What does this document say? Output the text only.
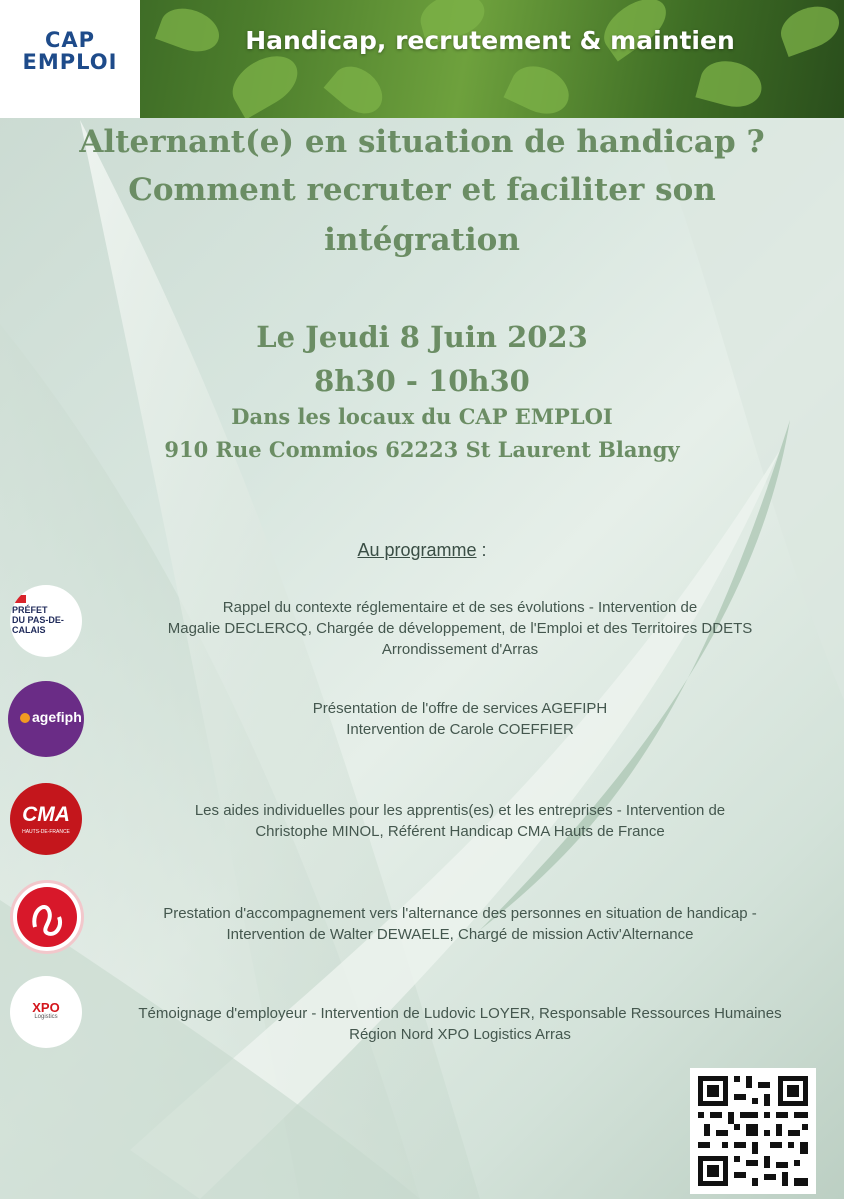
CAP
EMPLOI
Handicap, recrutement & maintien
Alternant(e) en situation de handicap ?
Comment recruter et faciliter son
intégration
Le Jeudi 8 Juin 2023
8h30 - 10h30
Dans les locaux du CAP EMPLOI
910 Rue Commios 62223 St Laurent Blangy
Au programme :
Rappel du contexte réglementaire et de ses évolutions - Intervention de
Magalie DECLERCQ, Chargée de développement, de l'Emploi et des Territoires DDETS
Arrondissement d'Arras
Présentation de l'offre de services AGEFIPH
Intervention de Carole COEFFIER
Les aides individuelles pour les apprentis(es) et les entreprises - Intervention de
Christophe MINOL, Référent Handicap CMA Hauts de France
Prestation d'accompagnement vers l'alternance des personnes en situation de handicap -
Intervention de Walter DEWAELE, Chargé de mission Activ'Alternance
Témoignage d'employeur - Intervention de Ludovic LOYER, Responsable Ressources Humaines
Région Nord XPO Logistics Arras
PRÉFET
DU PAS-DE-CALAIS
agefiph
CMA
HAUTS-DE-FRANCE
XPO
Logistics
